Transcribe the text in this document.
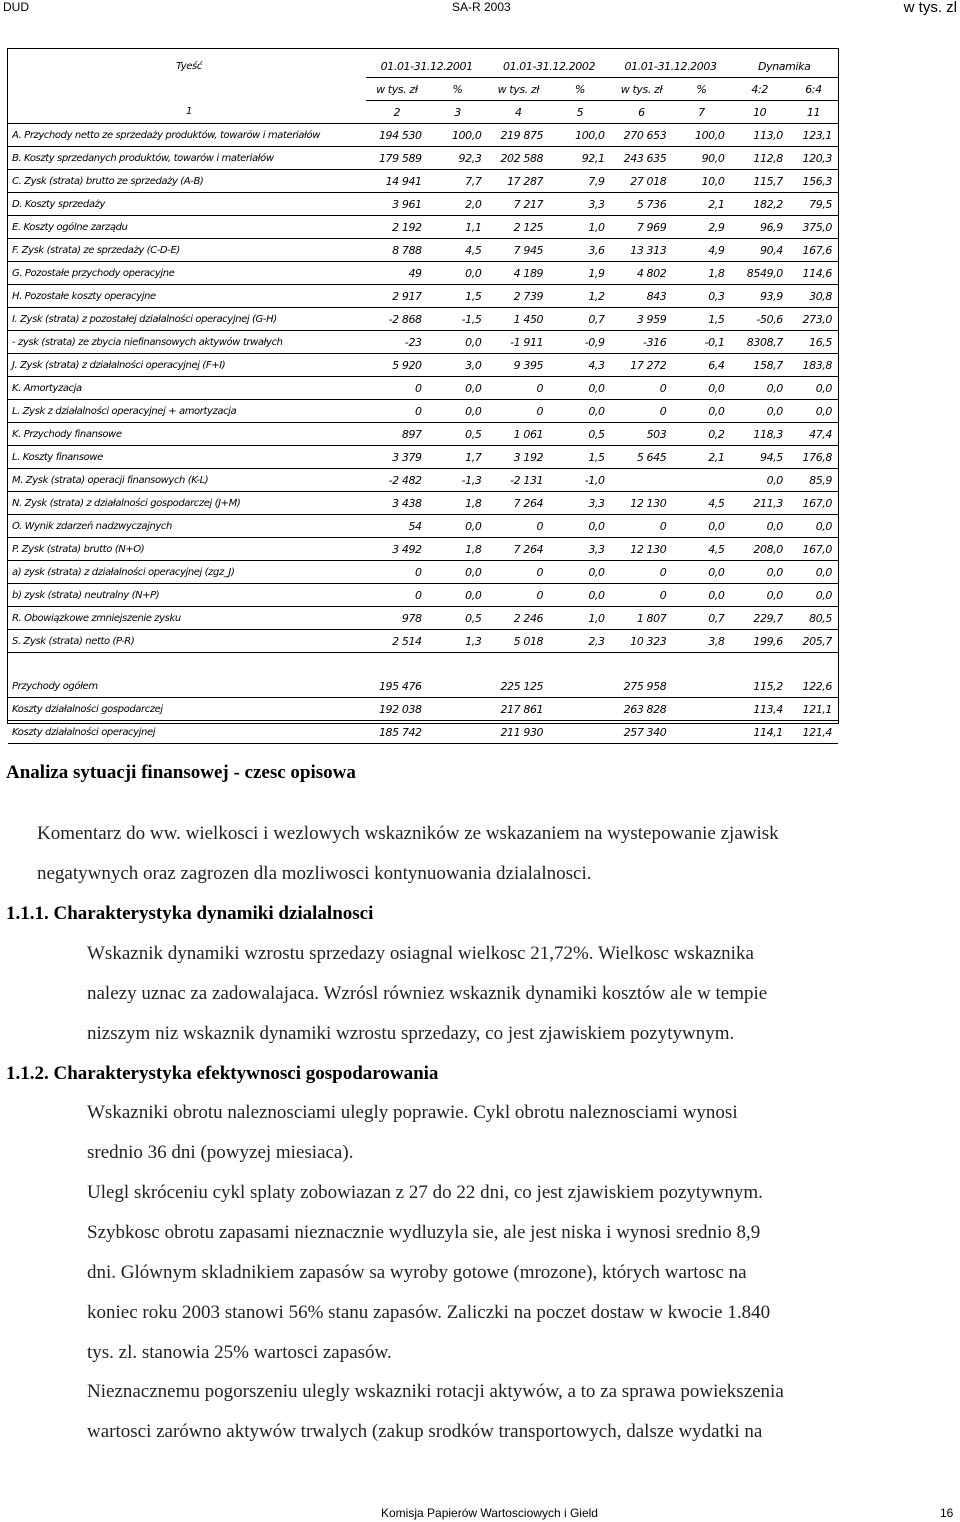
DUD	SA-R 2003	w tys. zl
Tyeść	01.01-31.12.2001		01.01-31.12.2002		01.01-31.12.2003		Dynamika	
	w tys. zł	%	w tys. zł	%	w tys. zł	%	4:2	6:4
1	2	3	4	5	6	7	10	11
A. Przychody netto ze sprzedaży produktów, towarów i materiałów	194 530	100,0	219 875	100,0	270 653	100,0	113,0	123,1
B. Koszty sprzedanych produktów, towarów i materiałów	179 589	92,3	202 588	92,1	243 635	90,0	112,8	120,3
C. Zysk (strata) brutto ze sprzedaży (A-B)	14 941	7,7	17 287	7,9	27 018	10,0	115,7	156,3
D. Koszty sprzedaży	3 961	2,0	7 217	3,3	5 736	2,1	182,2	79,5
E. Koszty ogólne zarządu	2 192	1,1	2 125	1,0	7 969	2,9	96,9	375,0
F. Zysk (strata) ze sprzedaży (C-D-E)	8 788	4,5	7 945	3,6	13 313	4,9	90,4	167,6
G. Pozostałe przychody operacyjne	49	0,0	4 189	1,9	4 802	1,8	8549,0	114,6
H. Pozostałe koszty operacyjne	2 917	1,5	2 739	1,2	843	0,3	93,9	30,8
I. Zysk (strata) z pozostałej działalności operacyjnej (G-H)	-2 868	-1,5	1 450	0,7	3 959	1,5	-50,6	273,0
- zysk (strata) ze zbycia niefinansowych aktywów trwałych	-23	0,0	-1 911	-0,9	-316	-0,1	8308,7	16,5
J. Zysk (strata) z działalności operacyjnej (F+I)	5 920	3,0	9 395	4,3	17 272	6,4	158,7	183,8
K. Amortyzacja	0	0,0	0	0,0	0	0,0	0,0	0,0
L. Zysk z działalności operacyjnej + amortyzacja	0	0,0	0	0,0	0	0,0	0,0	0,0
K. Przychody finansowe	897	0,5	1 061	0,5	503	0,2	118,3	47,4
L. Koszty finansowe	3 379	1,7	3 192	1,5	5 645	2,1	94,5	176,8
M. Zysk (strata) operacji finansowych (K-L)	-2 482	-1,3	-2 131	-1,0			0,0	85,9
N. Zysk (strata) z działalności gospodarczej (J+M)	3 438	1,8	7 264	3,3	12 130	4,5	211,3	167,0
O. Wynik zdarzeń nadzwyczajnych	54	0,0	0	0,0	0	0,0	0,0	0,0
P. Zysk (strata) brutto (N+O)	3 492	1,8	7 264	3,3	12 130	4,5	208,0	167,0
a) zysk (strata) z działalności operacyjnej (zgz_J)	0	0,0	0	0,0	0	0,0	0,0	0,0
b) zysk (strata) neutralny (N+P)	0	0,0	0	0,0	0	0,0	0,0	0,0
R. Obowiązkowe zmniejszenie zysku	978	0,5	2 246	1,0	1 807	0,7	229,7	80,5
S. Zysk (strata) netto (P-R)	2 514	1,3	5 018	2,3	10 323	3,8	199,6	205,7

Przychody ogółem	195 476		225 125		275 958		115,2	122,6
Koszty działalności gospodarczej	192 038		217 861		263 828		113,4	121,1
Koszty działalności operacyjnej	185 742		211 930		257 340		114,1	121,4
Analiza sytuacji finansowej - czesc opisowa
Komentarz do ww. wielkosci i wezlowych wskazników ze wskazaniem na wystepowanie zjawisk
negatywnych oraz zagrozen dla mozliwosci kontynuowania dzialalnosci.
1.1.1. Charakterystyka dynamiki dzialalnosci
Wskaznik dynamiki wzrostu sprzedazy osiagnal wielkosc 21,72%. Wielkosc wskaznika
nalezy uznac za zadowalajaca. Wzrósl równiez wskaznik dynamiki kosztów ale w tempie
nizszym niz wskaznik dynamiki wzrostu sprzedazy, co jest zjawiskiem pozytywnym.
1.1.2. Charakterystyka efektywnosci gospodarowania
Wskazniki obrotu naleznosciami ulegly poprawie. Cykl obrotu naleznosciami wynosi
srednio 36 dni (powyzej miesiaca).
Ulegl skróceniu cykl splaty zobowiazan z 27 do 22 dni, co jest zjawiskiem pozytywnym.
Szybkosc obrotu zapasami nieznacznie wydluzyla sie, ale jest niska i wynosi srednio 8,9
dni. Glównym skladnikiem zapasów sa wyroby gotowe (mrozone), których wartosc na
koniec roku 2003 stanowi 56% stanu zapasów. Zaliczki na poczet dostaw w kwocie 1.840
tys. zl. stanowia 25% wartosci zapasów.
Nieznacznemu pogorszeniu ulegly wskazniki rotacji aktywów, a to za sprawa powiekszenia
wartosci zarówno aktywów trwalych (zakup srodków transportowych, dalsze wydatki na
Komisja Papierów Wartosciowych i Gield	16
